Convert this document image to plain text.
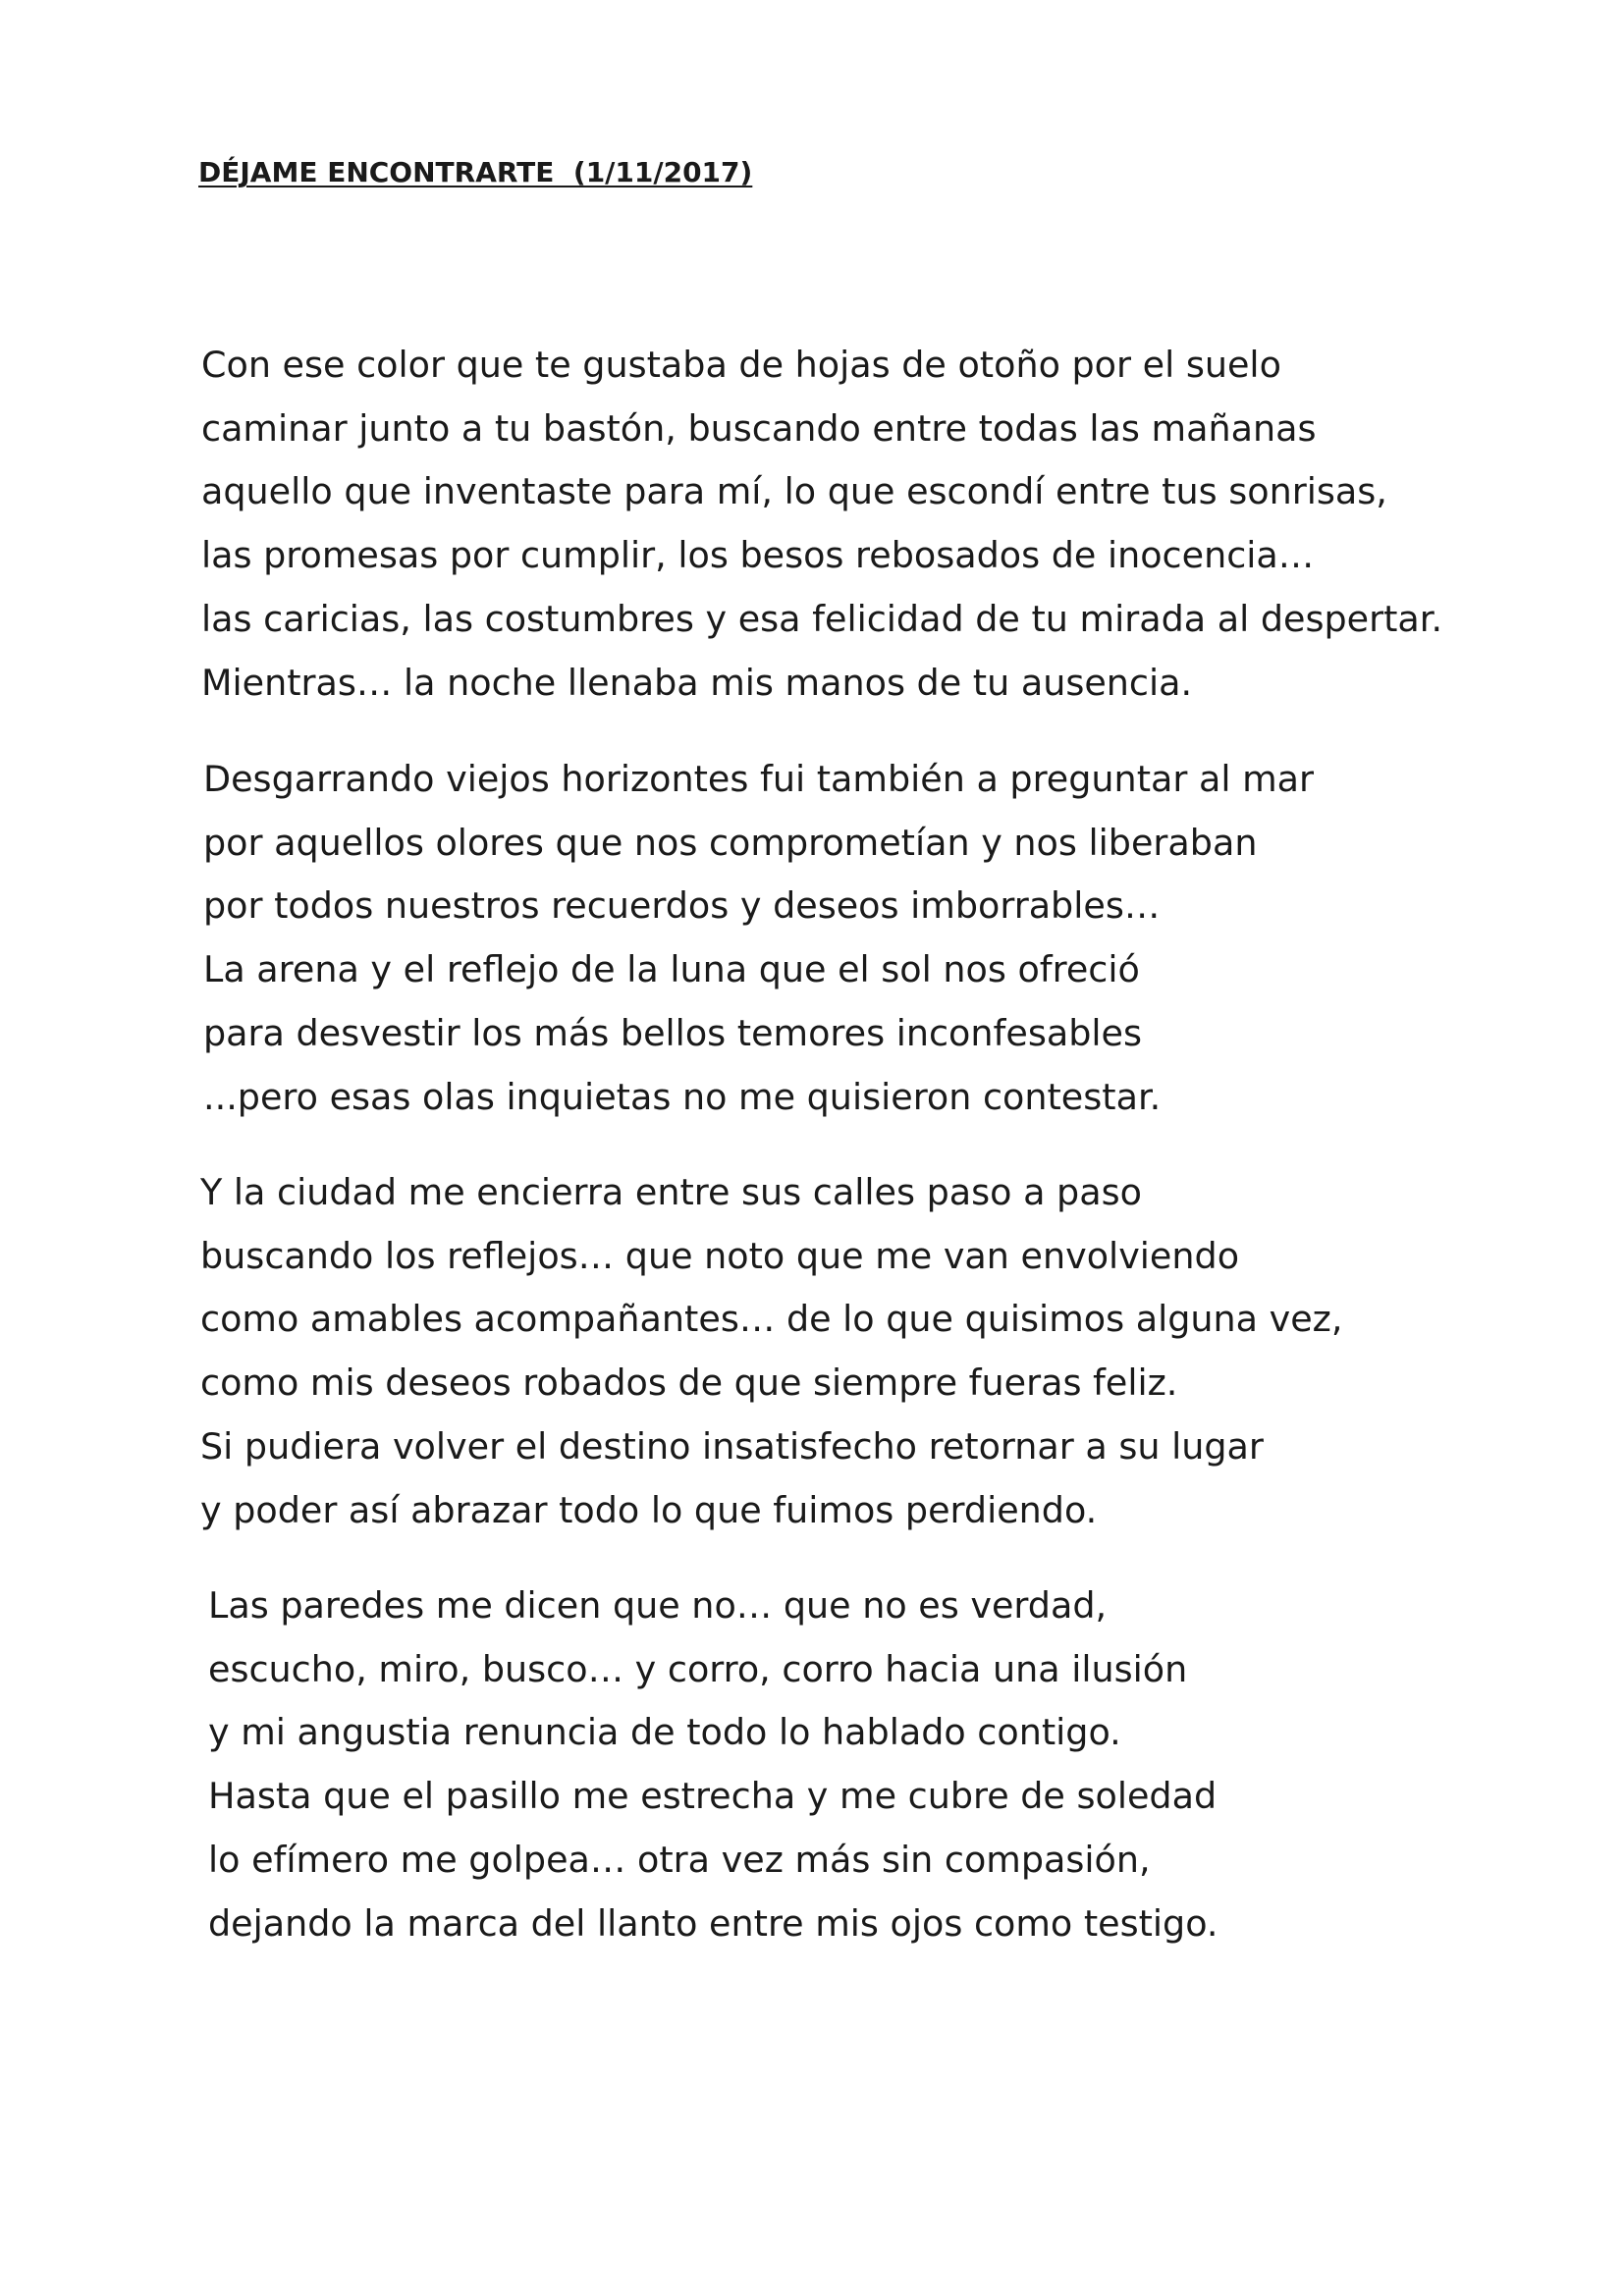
DÉJAME ENCONTRARTE  (1/11/2017)
Con ese color que te gustaba de hojas de otoño por el suelo
caminar junto a tu bastón, buscando entre todas las mañanas
aquello que inventaste para mí, lo que escondí entre tus sonrisas,
las promesas por cumplir, los besos rebosados de inocencia…
las caricias, las costumbres y esa felicidad de tu mirada al despertar.
Mientras… la noche llenaba mis manos de tu ausencia.
Desgarrando viejos horizontes fui también a preguntar al mar
por aquellos olores que nos comprometían y nos liberaban
por todos nuestros recuerdos y deseos imborrables…
La arena y el reflejo de la luna que el sol nos ofreció
para desvestir los más bellos temores inconfesables
...pero esas olas inquietas no me quisieron contestar.
Y la ciudad me encierra entre sus calles paso a paso
buscando los reflejos… que noto que me van envolviendo
como amables acompañantes… de lo que quisimos alguna vez,
como mis deseos robados de que siempre fueras feliz.
Si pudiera volver el destino insatisfecho retornar a su lugar
y poder así abrazar todo lo que fuimos perdiendo.
Las paredes me dicen que no… que no es verdad,
escucho, miro, busco… y corro, corro hacia una ilusión
y mi angustia renuncia de todo lo hablado contigo.
Hasta que el pasillo me estrecha y me cubre de soledad
lo efímero me golpea… otra vez más sin compasión,
dejando la marca del llanto entre mis ojos como testigo.
